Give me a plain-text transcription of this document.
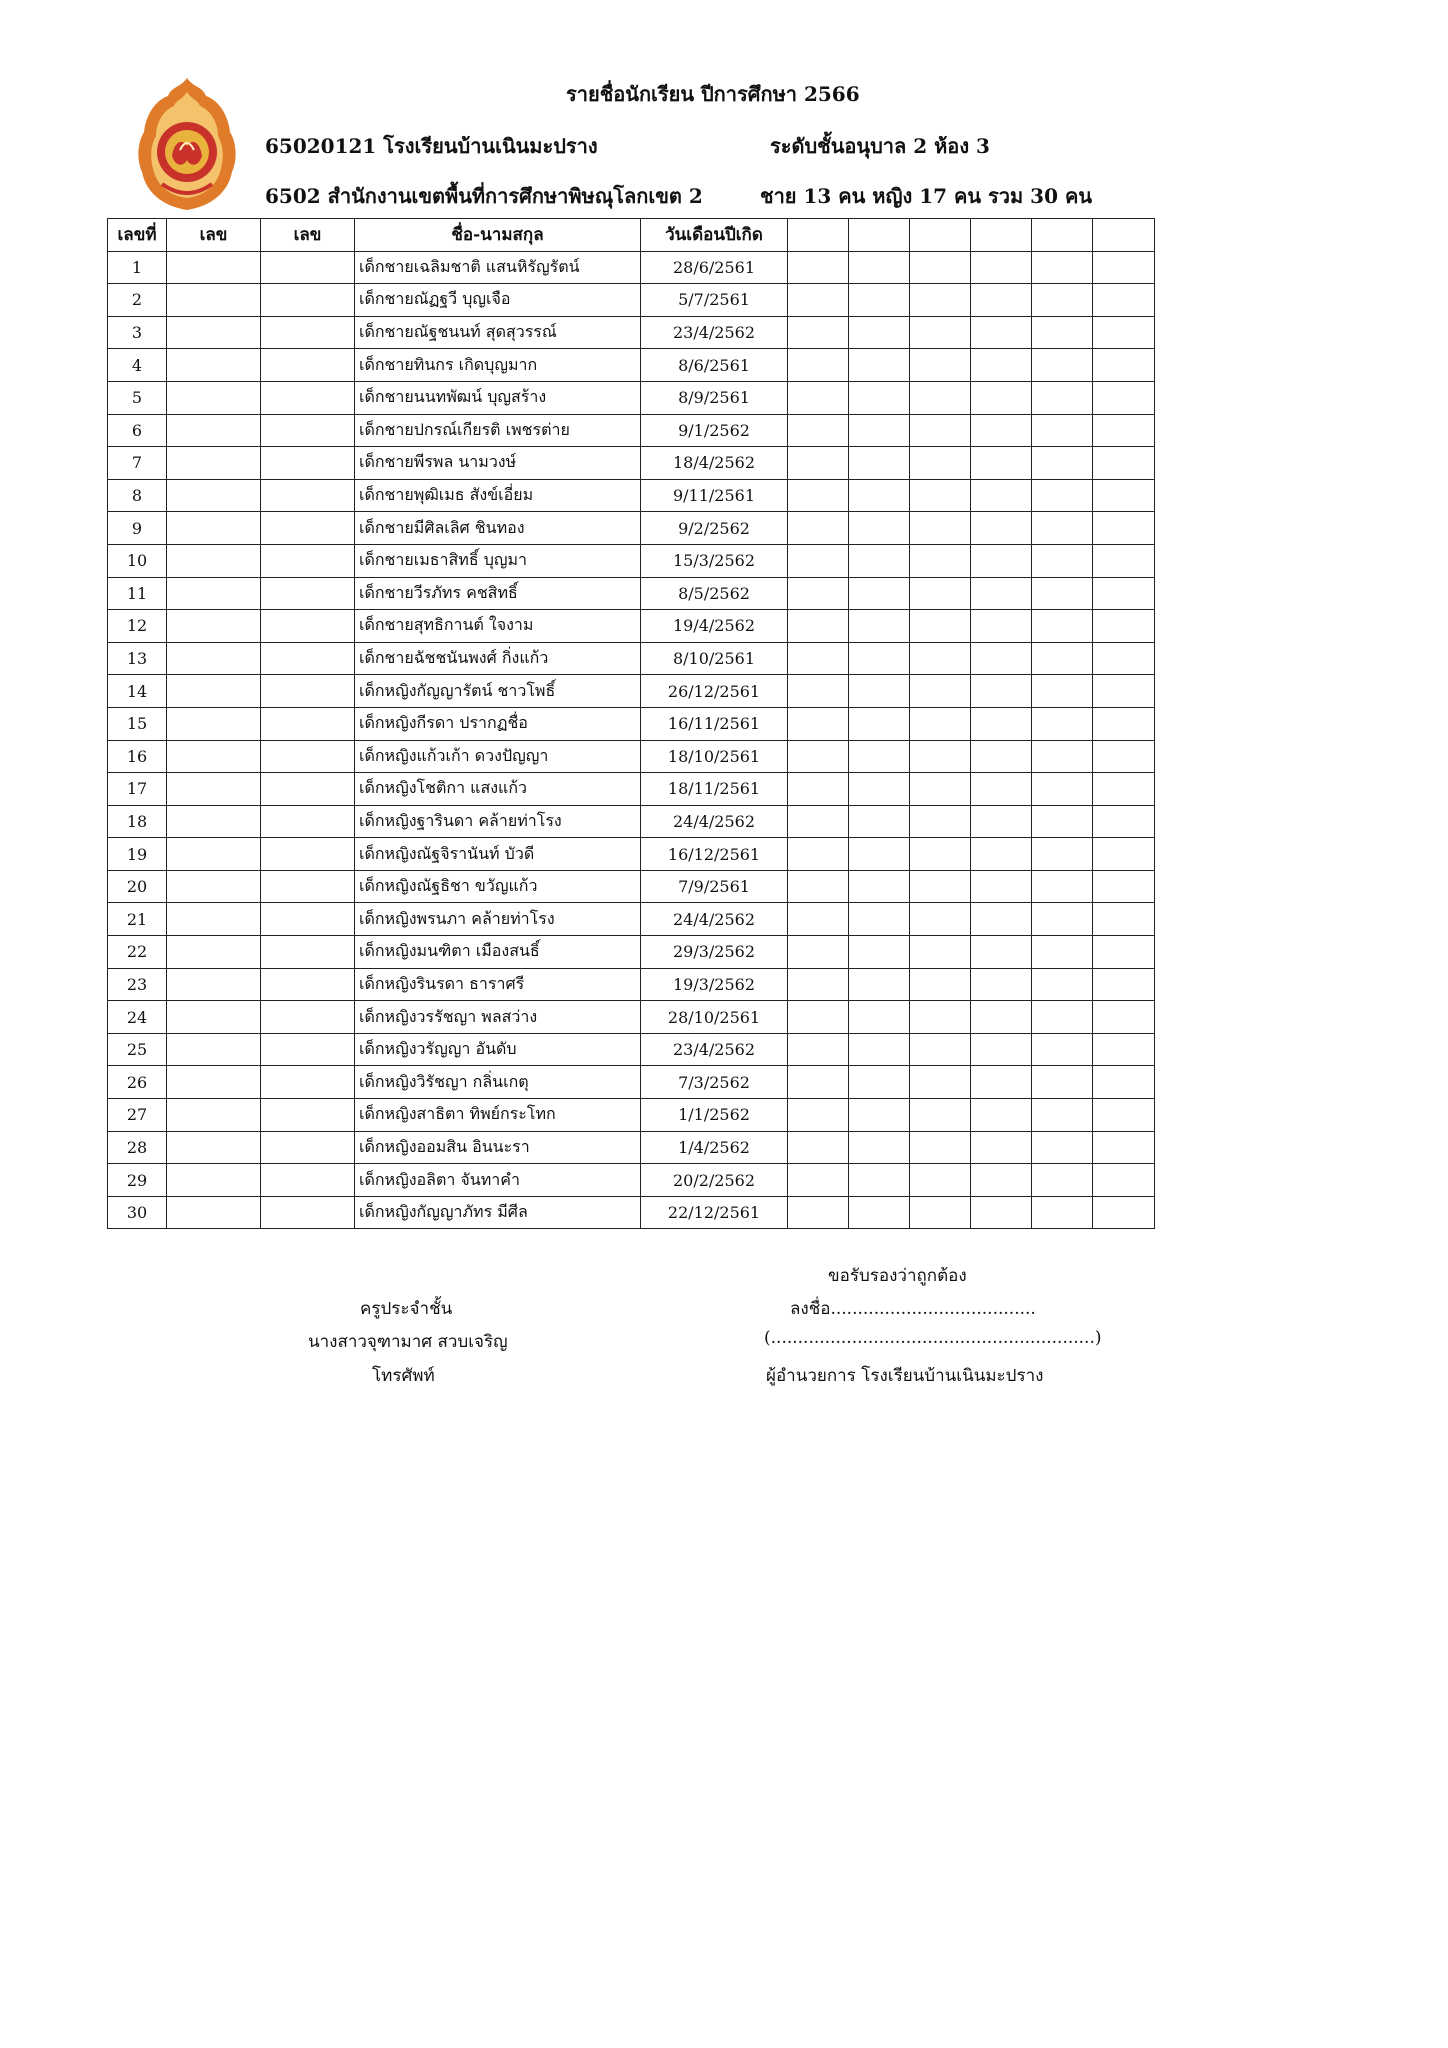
รายชื่อนักเรียน ปีการศึกษา 2566
65020121 โรงเรียนบ้านเนินมะปราง	ระดับชั้นอนุบาล 2 ห้อง 3
6502 สำนักงานเขตพื้นที่การศึกษาพิษณุโลกเขต 2	ชาย 13 คน หญิง 17 คน รวม 30 คน
เลขที่	เลข	เลข	ชื่อ-นามสกุล	วันเดือนปีเกิด						
1			เด็กชายเฉลิมชาติ แสนหิรัญรัตน์	28/6/2561						
2			เด็กชายณัฏฐวี บุญเจือ	5/7/2561						
3			เด็กชายณัฐชนนท์ สุดสุวรรณ์	23/4/2562						
4			เด็กชายทินกร เกิดบุญมาก	8/6/2561						
5			เด็กชายนนทพัฒน์ บุญสร้าง	8/9/2561						
6			เด็กชายปกรณ์เกียรติ เพชรต่าย	9/1/2562						
7			เด็กชายพีรพล นามวงษ์	18/4/2562						
8			เด็กชายพุฒิเมธ สังข์เอี่ยม	9/11/2561						
9			เด็กชายมีศิลเลิศ ชินทอง	9/2/2562						
10			เด็กชายเมธาสิทธิ์ บุญมา	15/3/2562						
11			เด็กชายวีรภัทร คชสิทธิ์	8/5/2562						
12			เด็กชายสุทธิกานต์ ใจงาม	19/4/2562						
13			เด็กชายฉัชชนันพงศ์ กิ่งแก้ว	8/10/2561						
14			เด็กหญิงกัญญารัตน์ ชาวโพธิ์	26/12/2561						
15			เด็กหญิงกีรดา ปรากฏชื่อ	16/11/2561						
16			เด็กหญิงแก้วเก้า ดวงปัญญา	18/10/2561						
17			เด็กหญิงโชติกา แสงแก้ว	18/11/2561						
18			เด็กหญิงฐารินดา คล้ายท่าโรง	24/4/2562						
19			เด็กหญิงณัฐจิรานันท์ บัวดี	16/12/2561						
20			เด็กหญิงณัฐธิชา ขวัญแก้ว	7/9/2561						
21			เด็กหญิงพรนภา คล้ายท่าโรง	24/4/2562						
22			เด็กหญิงมนฑิตา เมืองสนธิ์	29/3/2562						
23			เด็กหญิงรินรดา ธาราศรี	19/3/2562						
24			เด็กหญิงวรรัชญา พลสว่าง	28/10/2561						
25			เด็กหญิงวรัญญา อันดับ	23/4/2562						
26			เด็กหญิงวิรัชญา กลิ่นเกตุ	7/3/2562						
27			เด็กหญิงสาธิตา ทิพย์กระโทก	1/1/2562						
28			เด็กหญิงออมสิน อินนะรา	1/4/2562						
29			เด็กหญิงอลิตา จันทาคำ	20/2/2562						
30			เด็กหญิงกัญญาภัทร มีศีล	22/12/2561						
ขอรับรองว่าถูกต้อง
ครูประจำชั้น	ลงชื่อ......................................
นางสาวจุฑามาศ สวบเจริญ	(............................................................)
โทรศัพท์	ผู้อำนวยการ โรงเรียนบ้านเนินมะปราง
